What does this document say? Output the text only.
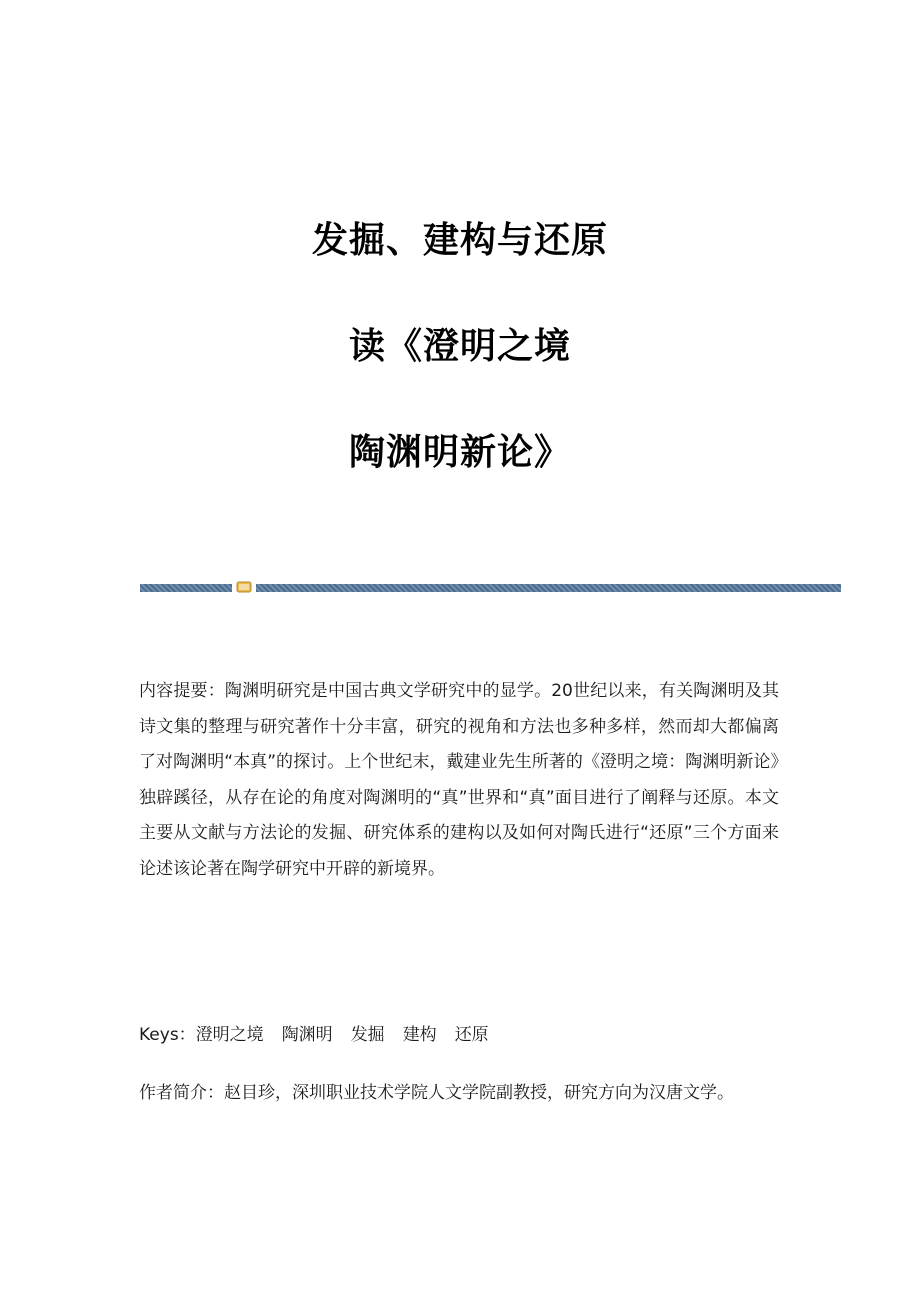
发掘、建构与还原
读《澄明之境
陶渊明新论》
内容提要：陶渊明研究是中国古典文学研究中的显学。20世纪以来，有关陶渊明及其诗文集的整理与研究著作十分丰富，研究的视角和方法也多种多样，然而却大都偏离了对陶渊明“本真”的探讨。上个世纪末，戴建业先生所著的《澄明之境：陶渊明新论》独辟蹊径，从存在论的角度对陶渊明的“真”世界和“真”面目进行了阐释与还原。本文主要从文献与方法论的发掘、研究体系的建构以及如何对陶氏进行“还原”三个方面来论述该论著在陶学研究中开辟的新境界。
Keys：澄明之境 陶渊明 发掘 建构 还原
作者简介：赵目珍，深圳职业技术学院人文学院副教授，研究方向为汉唐文学。
